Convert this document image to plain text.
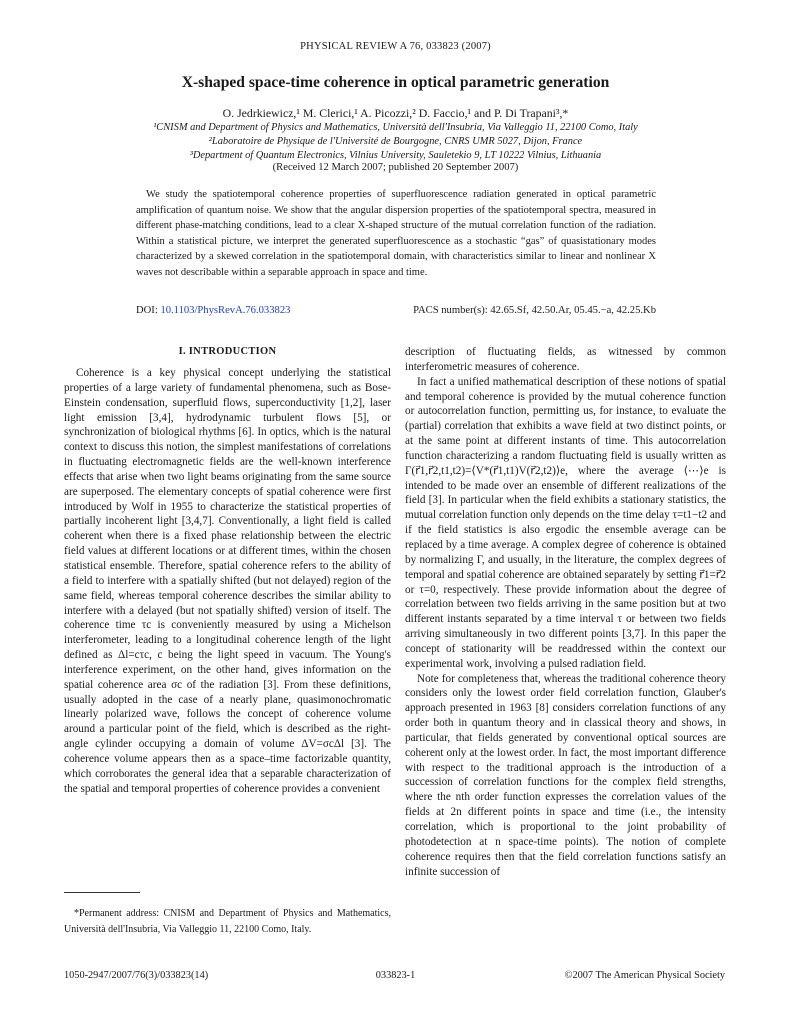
PHYSICAL REVIEW A 76, 033823 (2007)
X-shaped space-time coherence in optical parametric generation
O. Jedrkiewicz,¹ M. Clerici,¹ A. Picozzi,² D. Faccio,¹ and P. Di Trapani³,*
¹CNISM and Department of Physics and Mathematics, Università dell'Insubria, Via Valleggio 11, 22100 Como, Italy
²Laboratoire de Physique de l'Université de Bourgogne, CNRS UMR 5027, Dijon, France
³Department of Quantum Electronics, Vilnius University, Sauletekio 9, LT 10222 Vilnius, Lithuania
(Received 12 March 2007; published 20 September 2007)
We study the spatiotemporal coherence properties of superfluorescence radiation generated in optical parametric amplification of quantum noise. We show that the angular dispersion properties of the spatiotemporal spectra, measured in different phase-matching conditions, lead to a clear X-shaped structure of the mutual correlation function of the radiation. Within a statistical picture, we interpret the generated superfluorescence as a stochastic “gas” of quasistationary modes characterized by a skewed correlation in the spatiotemporal domain, with characteristics similar to linear and nonlinear X waves not describable within a separable approach in space and time.
DOI: 10.1103/PhysRevA.76.033823	PACS number(s): 42.65.Sf, 42.50.Ar, 05.45.−a, 42.25.Kb
I. INTRODUCTION

Coherence is a key physical concept underlying the statistical properties of a large variety of fundamental phenomena, such as Bose-Einstein condensation, superfluid flows, superconductivity [1,2], laser light emission [3,4], hydrodynamic turbulent flows [5], or synchronization of biological rhythms [6]. In optics, which is the natural context to discuss this notion, the simplest manifestations of correlations in fluctuating electromagnetic fields are the well-known interference effects that arise when two light beams originating from the same source are superposed. The elementary concepts of spatial coherence were first introduced by Wolf in 1955 to characterize the statistical properties of partially incoherent light [3,4,7]. Conventionally, a light field is called coherent when there is a fixed phase relationship between the electric field values at different locations or at different times, within the chosen statistical ensemble. Therefore, spatial coherence refers to the ability of a field to interfere with a spatially shifted (but not delayed) region of the same field, whereas temporal coherence describes the similar ability to interfere with a delayed (but not spatially shifted) version of itself. The coherence time τc is conveniently measured by using a Michelson interferometer, leading to a longitudinal coherence length of the light defined as Δl=cτc, c being the light speed in vacuum. The Young's interference experiment, on the other hand, gives information on the spatial coherence area σc of the radiation [3]. From these definitions, usually adopted in the case of a nearly plane, quasimonochromatic linearly polarized wave, follows the concept of coherence volume around a particular point of the field, which is described as the right-angle cylinder occupying a domain of volume ΔV=σcΔl [3]. The coherence volume appears then as a space–time factorizable quantity, which corroborates the general idea that a separable characterization of the spatial and temporal properties of coherence provides a convenient

description of fluctuating fields, as witnessed by common interferometric measures of coherence.

In fact a unified mathematical description of these notions of spatial and temporal coherence is provided by the mutual coherence function or autocorrelation function, permitting us, for instance, to evaluate the (partial) correlation that exhibits a wave field at two distinct points, or at the same point at different instants of time. This autocorrelation function characterizing a random fluctuating field is usually written as Γ(r⃗1,r⃗2,t1,t2)=⟨V*(r⃗1,t1)V(r⃗2,t2)⟩e, where the average ⟨⋯⟩e is intended to be made over an ensemble of different realizations of the field [3]. In particular when the field exhibits a stationary statistics, the mutual correlation function only depends on the time delay τ=t1−t2 and if the field statistics is also ergodic the ensemble average can be replaced by a time average. A complex degree of coherence is obtained by normalizing Γ, and usually, in the literature, the complex degrees of temporal and spatial coherence are obtained separately by setting r⃗1=r⃗2 or τ=0, respectively. These provide information about the degree of correlation between two fields arriving in the same position but at two different instants separated by a time interval τ or between two fields arriving simultaneously in two different points [3,7]. In this paper the concept of stationarity will be readdressed within the context our experimental work, involving a pulsed radiation field.

Note for completeness that, whereas the traditional coherence theory considers only the lowest order field correlation function, Glauber's approach presented in 1963 [8] considers correlation functions of any order both in quantum theory and in classical theory and shows, in particular, that fields generated by conventional optical sources are coherent only at the lowest order. In fact, the most important difference with respect to the traditional approach is the introduction of a succession of correlation functions for the complex field strengths, where the nth order function expresses the correlation values of the fields at 2n different points in space and time (i.e., the intensity correlation, which is proportional to the joint probability of photodetection at n space-time points). The notion of complete coherence requires then that the field correlation functions satisfy an infinite succession of

*Permanent address: CNISM and Department of Physics and Mathematics, Università dell'Insubria, Via Valleggio 11, 22100 Como, Italy.
1050-2947/2007/76(3)/033823(14)	033823-1	©2007 The American Physical Society
